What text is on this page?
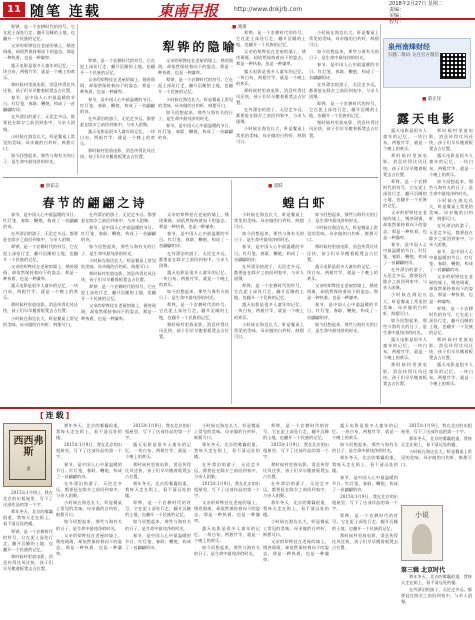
11 随笔 连载	東南早报	http://www.dnkjrb.com
2018年2月27日 星期二
责编：
美编：
校对：

犁铧，是一个农耕时代的符号，它在泥土深处行走，翻开沉睡的土地，也翻开一个民族的记忆。

父亲的犁铧挂在老屋的墙上，锈迹斑斑，却依然保持着向下的姿态。那是一种执着，也是一种谦卑。

露天电影是很多人童年的记忆。一块白布，两根竹竿，就是一个晚上的欢乐。

那时候村里放电影，消息传得比风还快，孩子们早早搬着板凳去占位置。

春节，是中国人心中最温暖的节日。红灯笼、春联、鞭炮，构成了一首翩翩的诗。

在外漂泊的游子，无论走多远，都要赶在除夕之前回到家中，与亲人团聚。

小时候在海边长大，虾是餐桌上常见的美味。母亲做的白灼虾，鲜甜可口。

如今回想起来，那些与海有关的日子，是生命中最纯净的时光。

■ 骆萧
犁铧的隐喻

犁铧，是一个农耕时代的符号，它在泥土深处行走，翻开沉睡的土地，也翻开一个民族的记忆。

父亲的犁铧挂在老屋的墙上，锈迹斑斑，却依然保持着向下的姿态。那是一种执着，也是一种谦卑。

春节，是中国人心中最温暖的节日。红灯笼、春联、鞭炮，构成了一首翩翩的诗。

在外漂泊的游子，无论走多远，都要赶在除夕之前回到家中，与亲人团聚。

露天电影是很多人童年的记忆。一块白布，两根竹竿，就是一个晚上的欢乐。

那时候村里放电影，消息传得比风还快，孩子们早早搬着板凳去占位置。

父亲的犁铧挂在老屋的墙上，锈迹斑斑，却依然保持着向下的姿态。那是一种执着，也是一种谦卑。

犁铧，是一个农耕时代的符号，它在泥土深处行走，翻开沉睡的土地，也翻开一个民族的记忆。

小时候在海边长大，虾是餐桌上常见的美味。母亲做的白灼虾，鲜甜可口。

如今回想起来，那些与海有关的日子，是生命中最纯净的时光。

春节，是中国人心中最温暖的节日。红灯笼、春联、鞭炮，构成了一首翩翩的诗。

犁铧，是一个农耕时代的符号，它在泥土深处行走，翻开沉睡的土地，也翻开一个民族的记忆。

父亲的犁铧挂在老屋的墙上，锈迹斑斑，却依然保持着向下的姿态。那是一种执着，也是一种谦卑。

露天电影是很多人童年的记忆。一块白布，两根竹竿，就是一个晚上的欢乐。

那时候村里放电影，消息传得比风还快，孩子们早早搬着板凳去占位置。

在外漂泊的游子，无论走多远，都要赶在除夕之前回到家中，与亲人团聚。

小时候在海边长大，虾是餐桌上常见的美味。母亲做的白灼虾，鲜甜可口。

小时候在海边长大，虾是餐桌上常见的美味。母亲做的白灼虾，鲜甜可口。

如今回想起来，那些与海有关的日子，是生命中最纯净的时光。

春节，是中国人心中最温暖的节日。红灯笼、春联、鞭炮，构成了一首翩翩的诗。

在外漂泊的游子，无论走多远，都要赶在除夕之前回到家中，与亲人团聚。

犁铧，是一个农耕时代的符号，它在泥土深处行走，翻开沉睡的土地，也翻开一个民族的记忆。

那时候村里放电影，消息传得比风还快，孩子们早早搬着板凳去占位置。

泉州南烽财经
扫描二维码 关注官方微信
■ 蔡正洋
露天电影

露天电影是很多人童年的记忆。一块白布，两根竹竿，就是一个晚上的欢乐。

那时候村里放电影，消息传得比风还快，孩子们早早搬着板凳去占位置。

犁铧，是一个农耕时代的符号，它在泥土深处行走，翻开沉睡的土地，也翻开一个民族的记忆。

父亲的犁铧挂在老屋的墙上，锈迹斑斑，却依然保持着向下的姿态。那是一种执着，也是一种谦卑。

春节，是中国人心中最温暖的节日。红灯笼、春联、鞭炮，构成了一首翩翩的诗。

在外漂泊的游子，无论走多远，都要赶在除夕之前回到家中，与亲人团聚。

小时候在海边长大，虾是餐桌上常见的美味。母亲做的白灼虾，鲜甜可口。

如今回想起来，那些与海有关的日子，是生命中最纯净的时光。

露天电影是很多人童年的记忆。一块白布，两根竹竿，就是一个晚上的欢乐。

那时候村里放电影，消息传得比风还快，孩子们早早搬着板凳去占位置。

那时候村里放电影，消息传得比风还快，孩子们早早搬着板凳去占位置。

露天电影是很多人童年的记忆。一块白布，两根竹竿，就是一个晚上的欢乐。

如今回想起来，那些与海有关的日子，是生命中最纯净的时光。

小时候在海边长大，虾是餐桌上常见的美味。母亲做的白灼虾，鲜甜可口。

在外漂泊的游子，无论走多远，都要赶在除夕之前回到家中，与亲人团聚。

春节，是中国人心中最温暖的节日。红灯笼、春联、鞭炮，构成了一首翩翩的诗。

父亲的犁铧挂在老屋的墙上，锈迹斑斑，却依然保持着向下的姿态。那是一种执着，也是一种谦卑。

犁铧，是一个农耕时代的符号，它在泥土深处行走，翻开沉睡的土地，也翻开一个民族的记忆。

那时候村里放电影，消息传得比风还快，孩子们早早搬着板凳去占位置。

露天电影是很多人童年的记忆。一块白布，两根竹竿，就是一个晚上的欢乐。

■ 詹茹志
春节的翩翩之诗

春节，是中国人心中最温暖的节日。红灯笼、春联、鞭炮，构成了一首翩翩的诗。

在外漂泊的游子，无论走多远，都要赶在除夕之前回到家中，与亲人团聚。

犁铧，是一个农耕时代的符号，它在泥土深处行走，翻开沉睡的土地，也翻开一个民族的记忆。

父亲的犁铧挂在老屋的墙上，锈迹斑斑，却依然保持着向下的姿态。那是一种执着，也是一种谦卑。

露天电影是很多人童年的记忆。一块白布，两根竹竿，就是一个晚上的欢乐。

那时候村里放电影，消息传得比风还快，孩子们早早搬着板凳去占位置。

小时候在海边长大，虾是餐桌上常见的美味。母亲做的白灼虾，鲜甜可口。

在外漂泊的游子，无论走多远，都要赶在除夕之前回到家中，与亲人团聚。

春节，是中国人心中最温暖的节日。红灯笼、春联、鞭炮，构成了一首翩翩的诗。

如今回想起来，那些与海有关的日子，是生命中最纯净的时光。

小时候在海边长大，虾是餐桌上常见的美味。母亲做的白灼虾，鲜甜可口。

那时候村里放电影，消息传得比风还快，孩子们早早搬着板凳去占位置。

犁铧，是一个农耕时代的符号，它在泥土深处行走，翻开沉睡的土地，也翻开一个民族的记忆。

父亲的犁铧挂在老屋的墙上，锈迹斑斑，却依然保持着向下的姿态。那是一种执着，也是一种谦卑。

父亲的犁铧挂在老屋的墙上，锈迹斑斑，却依然保持着向下的姿态。那是一种执着，也是一种谦卑。

春节，是中国人心中最温暖的节日。红灯笼、春联、鞭炮，构成了一首翩翩的诗。

在外漂泊的游子，无论走多远，都要赶在除夕之前回到家中，与亲人团聚。

露天电影是很多人童年的记忆。一块白布，两根竹竿，就是一个晚上的欢乐。

如今回想起来，那些与海有关的日子，是生命中最纯净的时光。

犁铧，是一个农耕时代的符号，它在泥土深处行走，翻开沉睡的土地，也翻开一个民族的记忆。

那时候村里放电影，消息传得比风还快，孩子们早早搬着板凳去占位置。

■ 翟跃
蝗白虾

小时候在海边长大，虾是餐桌上常见的美味。母亲做的白灼虾，鲜甜可口。

如今回想起来，那些与海有关的日子，是生命中最纯净的时光。

春节，是中国人心中最温暖的节日。红灯笼、春联、鞭炮，构成了一首翩翩的诗。

在外漂泊的游子，无论走多远，都要赶在除夕之前回到家中，与亲人团聚。

犁铧，是一个农耕时代的符号，它在泥土深处行走，翻开沉睡的土地，也翻开一个民族的记忆。

露天电影是很多人童年的记忆。一块白布，两根竹竿，就是一个晚上的欢乐。

小时候在海边长大，虾是餐桌上常见的美味。母亲做的白灼虾，鲜甜可口。

如今回想起来，那些与海有关的日子，是生命中最纯净的时光。

小时候在海边长大，虾是餐桌上常见的美味。母亲做的白灼虾，鲜甜可口。

那时候村里放电影，消息传得比风还快，孩子们早早搬着板凳去占位置。

露天电影是很多人童年的记忆。一块白布，两根竹竿，就是一个晚上的欢乐。

父亲的犁铧挂在老屋的墙上，锈迹斑斑，却依然保持着向下的姿态。那是一种执着，也是一种谦卑。

春节，是中国人心中最温暖的节日。红灯笼、春联、鞭炮，构成了一首翩翩的诗。

如今回想起来，那些与海有关的日子，是生命中最纯净的时光。

[连载]
西西弗斯
著

2015年1月9日，我在北京的出租屋里，写下了这部作品的第一个字。

那年冬天，北京的雾霾很重，我每天走在街上，看不清远处的楼。

犁铧，是一个农耕时代的符号，它在泥土深处行走，翻开沉睡的土地，也翻开一个民族的记忆。

那时候村里放电影，消息传得比风还快，孩子们早早搬着板凳去占位置。

那年冬天，北京的雾霾很重，我每天走在街上，看不清远处的楼。

2015年1月9日，我在北京的出租屋里，写下了这部作品的第一个字。

春节，是中国人心中最温暖的节日。红灯笼、春联、鞭炮，构成了一首翩翩的诗。

在外漂泊的游子，无论走多远，都要赶在除夕之前回到家中，与亲人团聚。

小时候在海边长大，虾是餐桌上常见的美味。母亲做的白灼虾，鲜甜可口。

如今回想起来，那些与海有关的日子，是生命中最纯净的时光。

父亲的犁铧挂在老屋的墙上，锈迹斑斑，却依然保持着向下的姿态。那是一种执着，也是一种谦卑。

2015年1月9日，我在北京的出租屋里，写下了这部作品的第一个字。

露天电影是很多人童年的记忆。一块白布，两根竹竿，就是一个晚上的欢乐。

那时候村里放电影，消息传得比风还快，孩子们早早搬着板凳去占位置。

那年冬天，北京的雾霾很重，我每天走在街上，看不清远处的楼。

犁铧，是一个农耕时代的符号，它在泥土深处行走，翻开沉睡的土地，也翻开一个民族的记忆。

如今回想起来，那些与海有关的日子，是生命中最纯净的时光。

春节，是中国人心中最温暖的节日。红灯笼、春联、鞭炮，构成了一首翩翩的诗。

小时候在海边长大，虾是餐桌上常见的美味。母亲做的白灼虾，鲜甜可口。

那年冬天，北京的雾霾很重，我每天走在街上，看不清远处的楼。

在外漂泊的游子，无论走多远，都要赶在除夕之前回到家中，与亲人团聚。

2015年1月9日，我在北京的出租屋里，写下了这部作品的第一个字。

父亲的犁铧挂在老屋的墙上，锈迹斑斑，却依然保持着向下的姿态。那是一种执着，也是一种谦卑。

露天电影是很多人童年的记忆。一块白布，两根竹竿，就是一个晚上的欢乐。

如今回想起来，那些与海有关的日子，是生命中最纯净的时光。

犁铧，是一个农耕时代的符号，它在泥土深处行走，翻开沉睡的土地，也翻开一个民族的记忆。

2015年1月9日，我在北京的出租屋里，写下了这部作品的第一个字。

那时候村里放电影，消息传得比风还快，孩子们早早搬着板凳去占位置。

在外漂泊的游子，无论走多远，都要赶在除夕之前回到家中，与亲人团聚。

那年冬天，北京的雾霾很重，我每天走在街上，看不清远处的楼。

小时候在海边长大，虾是餐桌上常见的美味。母亲做的白灼虾，鲜甜可口。

父亲的犁铧挂在老屋的墙上，锈迹斑斑，却依然保持着向下的姿态。那是一种执着，也是一种谦卑。

露天电影是很多人童年的记忆。一块白布，两根竹竿，就是一个晚上的欢乐。

如今回想起来，那些与海有关的日子，是生命中最纯净的时光。

那年冬天，北京的雾霾很重，我每天走在街上，看不清远处的楼。

春节，是中国人心中最温暖的节日。红灯笼、春联、鞭炮，构成了一首翩翩的诗。

2015年1月9日，我在北京的出租屋里，写下了这部作品的第一个字。

犁铧，是一个农耕时代的符号，它在泥土深处行走，翻开沉睡的土地，也翻开一个民族的记忆。

那时候村里放电影，消息传得比风还快，孩子们早早搬着板凳去占位置。

2015年1月9日，我在北京的出租屋里，写下了这部作品的第一个字。

那年冬天，北京的雾霾很重，我每天走在街上，看不清远处的楼。

小时候在海边长大，虾是餐桌上常见的美味。母亲做的白灼虾，鲜甜可口。

小说
第三辑 北京时代

那年冬天，北京的雾霾很重，我每天走在街上，看不清远处的楼。

在外漂泊的游子，无论走多远，都要赶在除夕之前回到家中，与亲人团聚。
